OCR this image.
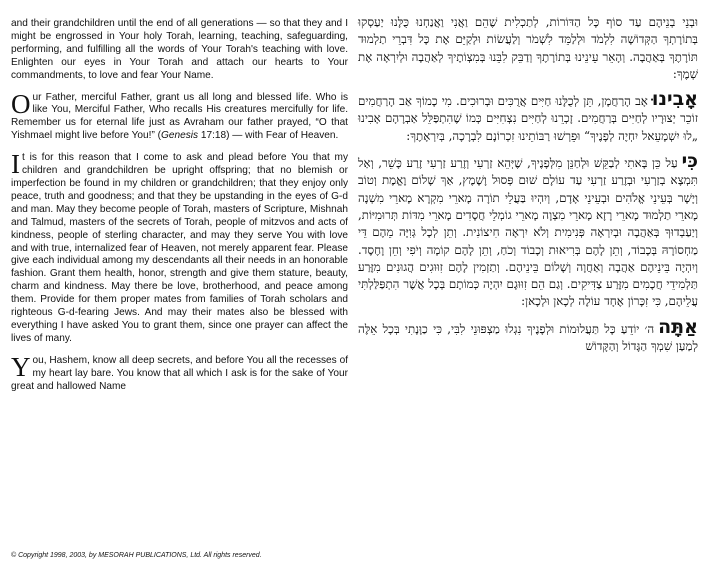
and their grandchildren until the end of all generations — so that they and I might be engrossed in Your holy Torah, learning, teaching, safeguarding, performing, and fulfilling all the words of Your Torah's teaching with love. Enlighten our eyes in Your Torah and attach our hearts to Your commandments, to love and fear Your Name.

Our Father, merciful Father, grant us all long and blessed life. Who is like You, Merciful Father, Who recalls His creatures mercifully for life. Remember us for eternal life just as Avraham our father prayed, “O that Yishmael might live before You!” (Genesis 17:18) — with Fear of Heaven.

It is for this reason that I come to ask and plead before You that my children and grandchildren be upright offspring; that no blemish or imperfection be found in my children or grandchildren; that they enjoy only peace, truth and goodness; and that they be upstanding in the eyes of G-d and man. May they become people of Torah, masters of Scripture, Mishnah and Talmud, masters of the secrets of Torah, people of mitzvos and acts of kindness, people of sterling character, and may they serve You with love and with true, internalized fear of Heaven, not merely apparent fear. Please give each individual among my descendants all their needs in an honorable fashion. Grant them health, honor, strength and give them stature, beauty, charm and kindness. May there be love, brotherhood, and peace among them. Provide for them proper mates from families of Torah scholars and righteous G-d-fearing Jews. And may their mates also be blessed with everything I have asked You to grant them, since one prayer can affect the lives of many.

You, Hashem, know all deep secrets, and before You all the recesses of my heart lay bare. You know that all which I ask is for the sake of Your great and hallowed Name

© Copyright 1998, 2003, by MESORAH PUBLICATIONS, Ltd. All rights reserved.

וּבְנֵי בְנֵיהֶם עַד סוֹף כָּל הַדּוֹרוֹת, לְתַכְלִית שֶׁהֵם וַאֲנִי וַאֲנַחְנוּ כֻּלָּנוּ יַעַסְקוּ בְּתוֹרָתְךָ הַקְּדוֹשָׁה לִלְמֹד וּלְלַמֵּד לִשְׁמֹר וְלַעֲשׂוֹת וּלְקַיֵּם אֶת כָּל דִּבְרֵי תַלְמוּד תּוֹרָתֶךָ בְּאַהֲבָה. וְהָאֵר עֵינֵינוּ בְּתוֹרָתֶךָ וְדַבֵּק לִבֵּנוּ בְּמִצְוֹתֶיךָ לְאַהֲבָה וּלְיִרְאָה אֶת שְׁמֶךָ:

אָבִינוּאָב הָרַחֲמָן, תֵּן לְכֻלָּנוּ חַיִּים אֲרֻכִּים וּבְרוּכִים. מִי כָמוֹךָ אַב הָרַחֲמִים זוֹכֵר יְצוּרָיו לְחַיִּים בְּרַחֲמִים. זָכְרֵנוּ לְחַיִּים נִצְחִיִּים כְּמוֹ שֶׁהִתְפַּלֵּל אַבְרָהָם אָבִינוּ „לוּ יִשְׁמָעֵאל יִחְיֶה לְפָנֶיךָ“ וּפֵרְשׁוּ רַבּוֹתֵינוּ זִכְרוֹנָם לִבְרָכָה, בְּיִרְאָתֶךָ:

כִּיעַל כֵּן בָּאתִי לְבַקֵּשׁ וּלְחַנֵּן מִלְּפָנֶיךָ, שֶׁיְּהֵא זַרְעִי וְזֶרַע זַרְעִי זֶרַע כָּשֵׁר, וְאַל תִּמְצָא בְזַרְעִי וּבְזֶרַע זַרְעִי עַד עוֹלָם שׁוּם פְּסוּל וָשֶׁמֶץ, אַךְ שָׁלוֹם וֶאֱמֶת וְטוֹב וְיָשָׁר בְּעֵינֵי אֱלֹהִים וּבְעֵינֵי אָדָם, וְיִהְיוּ בַּעֲלֵי תוֹרָה מָארֵי מִקְרָא מָארֵי מִשְׁנָה מָארֵי תַלְמוּד מָארֵי רָזָא מָארֵי מִצְוָה מָארֵי גוֹמְלֵי חֲסָדִים מָארֵי מִדּוֹת תְּרוּמִיּוֹת, וְיַעַבְדוּךָ בְּאַהֲבָה וּבְיִרְאָה פְּנִימִית וְלֹא יִרְאָה חִיצוֹנִית. וְתֵן לְכָל גְּוִיָּה מֵהֶם דֵּי מַחְסוֹרָהּ בְּכָבוֹד, וְתֵן לָהֶם בְּרִיאוּת וְכָבוֹד וְכֹחַ, וְתֵן לָהֶם קוֹמָה וְיֹפִי וְחֵן וָחֶסֶד. וְיִהְיֶה בֵּינֵיהֶם אַהֲבָה וְאַחֲוָה וְשָׁלוֹם בֵּינֵיהֶם. וְתַזְמִין לָהֶם זִוּוּגִים הֲגוּנִים מִזֶּרַע תַּלְמִידֵי חֲכָמִים מִזֶּרַע צַדִּיקִים. וְגַם הֵם זִוּוּגָם יִהְיֶה כְּמוֹתָם בְּכָל אֲשֶׁר הִתְפַּלַּלְתִּי עֲלֵיהֶם, כִּי זִכָּרוֹן אֶחָד עוֹלֶה לְכָאן וּלְכָאן:

אַתָּהה׳ יוֹדֵעַ כָּל תַּעֲלוּמוֹת וּלְפָנֶיךָ נִגְלוּ מַצְפּוּנֵי לִבִּי, כִּי כַוָּנָתִי בְּכָל אֵלֶּה לְמַעַן שִׁמְךָ הַגָּדוֹל וְהַקָּדוֹשׁ
